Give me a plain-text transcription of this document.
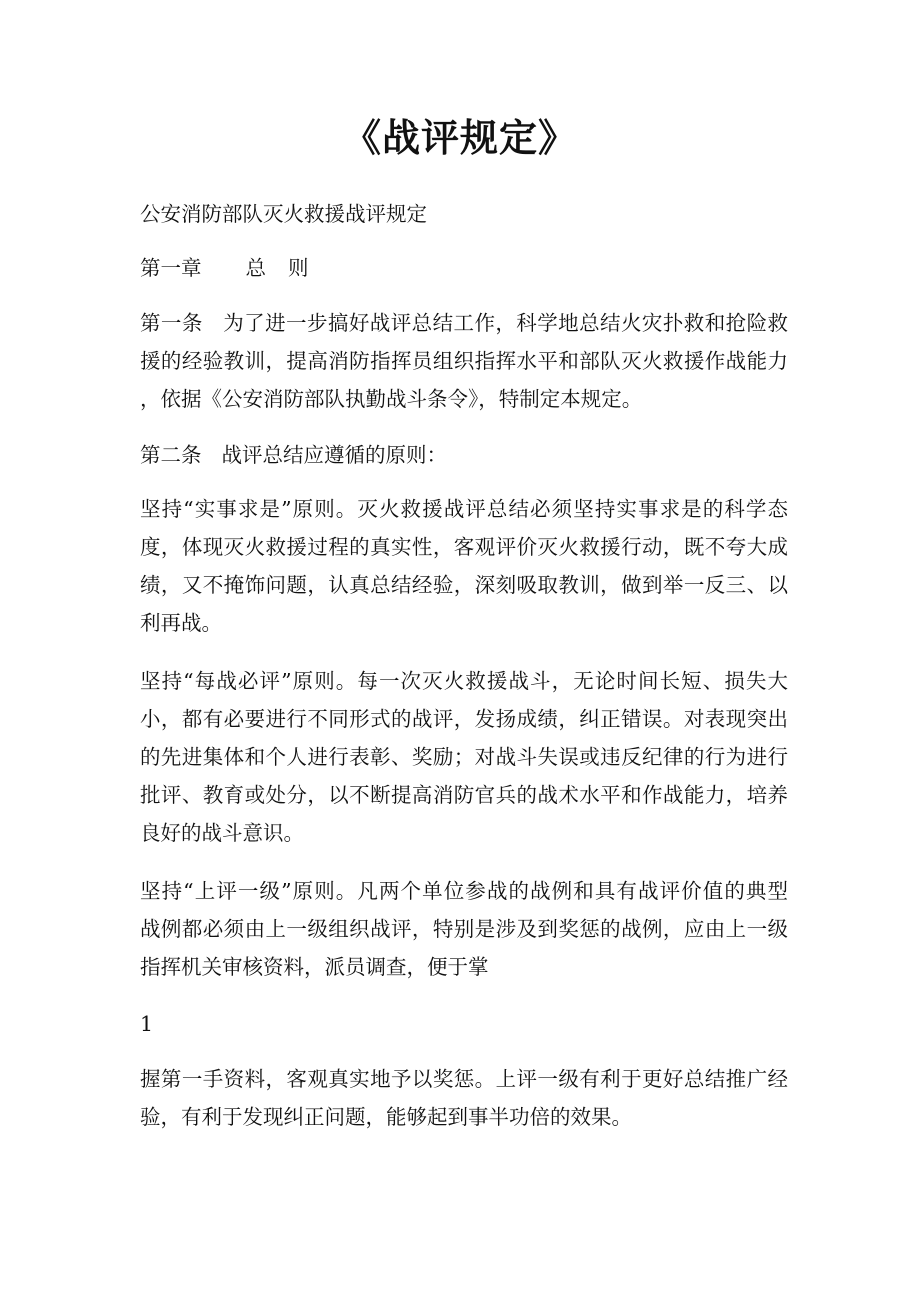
《战评规定》

公安消防部队灭火救援战评规定

第一章 总 则

第一条 为了进一步搞好战评总结工作，科学地总结火灾扑救和抢险救
援的经验教训，提高消防指挥员组织指挥水平和部队灭火救援作战能力
，依据《公安消防部队执勤战斗条令》，特制定本规定。

第二条 战评总结应遵循的原则：

坚持“实事求是”原则。灭火救援战评总结必须坚持实事求是的科学态
度，体现灭火救援过程的真实性，客观评价灭火救援行动，既不夸大成
绩，又不掩饰问题，认真总结经验，深刻吸取教训，做到举一反三、以
利再战。

坚持“每战必评”原则。每一次灭火救援战斗，无论时间长短、损失大
小，都有必要进行不同形式的战评，发扬成绩，纠正错误。对表现突出
的先进集体和个人进行表彰、奖励；对战斗失误或违反纪律的行为进行
批评、教育或处分，以不断提高消防官兵的战术水平和作战能力，培养
良好的战斗意识。

坚持“上评一级”原则。凡两个单位参战的战例和具有战评价值的典型
战例都必须由上一级组织战评，特别是涉及到奖惩的战例，应由上一级
指挥机关审核资料，派员调查，便于掌

1

握第一手资料，客观真实地予以奖惩。上评一级有利于更好总结推广经
验，有利于发现纠正问题，能够起到事半功倍的效果。
